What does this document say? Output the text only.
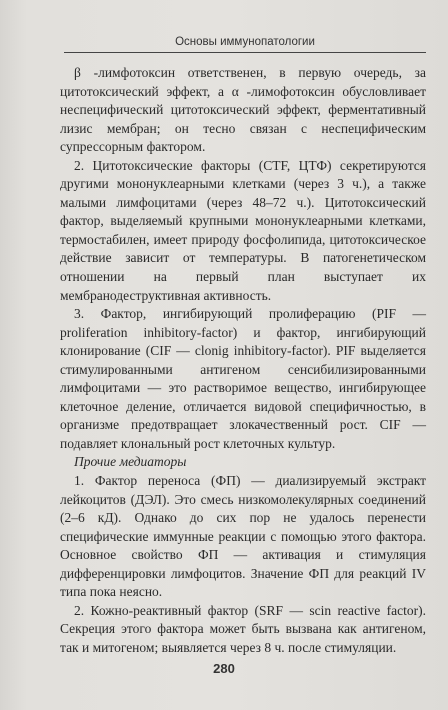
Основы иммунопатологии

β -лимфотоксин ответственен, в первую очередь, за цитотоксический эффект, а α -лимофотоксин обусловливает неспецифический цитотоксический эффект, ферментативный лизис мембран; он тесно связан с неспецифическим супрессорным фактором.

2. Цитотоксические факторы (CTF, ЦТФ) секретируются другими мононуклеарными клетками (через 3 ч.), а также малыми лимфоцитами (через 48–72 ч.). Цитотоксический фактор, выделяемый крупными мононуклеарными клетками, термостабилен, имеет природу фосфолипида, цитотоксическое действие зависит от температуры. В патогенетическом отношении на первый план выступает их мембранодеструктивная активность.

3. Фактор, ингибирующий пролиферацию (PIF — proliferation inhibitory-factor) и фактор, ингибирующий клонирование (CIF — clonig inhibitory-factor). PIF выделяется стимулированными антигеном сенсибилизированными лимфоцитами — это растворимое вещество, ингибирующее клеточное деление, отличается видовой специфичностью, в организме предотвращает злокачественный рост. CIF — подавляет клональный рост клеточных культур.

Прочие медиаторы

1. Фактор переноса (ФП) — диализируемый экстракт лейкоцитов (ДЭЛ). Это смесь низкомолекулярных соединений (2–6 кД). Однако до сих пор не удалось перенести специфические иммунные реакции с помощью этого фактора. Основное свойство ФП — активация и стимуляция дифференцировки лимфоцитов. Значение ФП для реакций IV типа пока неясно.

2. Кожно-реактивный фактор (SRF — scin reactive factor). Секреция этого фактора может быть вызвана как антигеном, так и митогеном; выявляется через 8 ч. после стимуляции.

280
